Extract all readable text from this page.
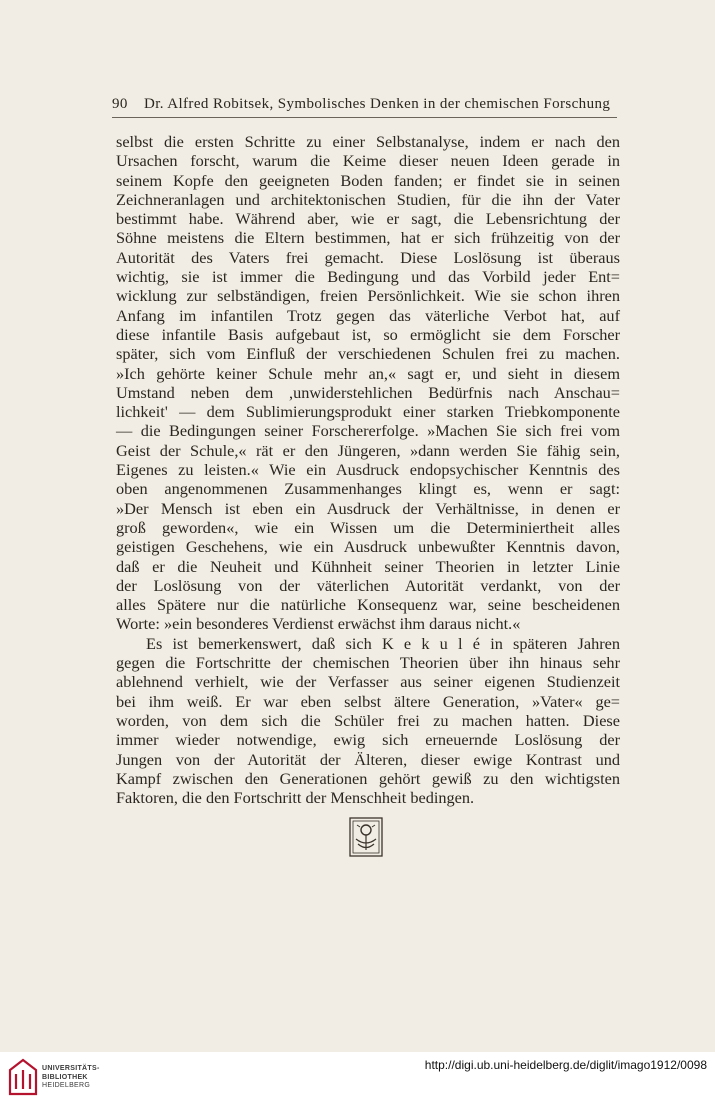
90 Dr. Alfred Robitsek, Symbolisches Denken in der chemischen Forschung
selbst die ersten Schritte zu einer Selbstanalyse, indem er nach den
Ursachen forscht, warum die Keime dieser neuen Ideen gerade in
seinem Kopfe den geeigneten Boden fanden; er findet sie in seinen
Zeichneranlagen und architektonischen Studien, für die ihn der Vater
bestimmt habe. Während aber, wie er sagt, die Lebensrichtung der
Söhne meistens die Eltern bestimmen, hat er sich frühzeitig von der
Autorität des Vaters frei gemacht. Diese Loslösung ist überaus
wichtig, sie ist immer die Bedingung und das Vorbild jeder Ent=
wicklung zur selbständigen, freien Persönlichkeit. Wie sie schon ihren
Anfang im infantilen Trotz gegen das väterliche Verbot hat, auf
diese infantile Basis aufgebaut ist, so ermöglicht sie dem Forscher
später, sich vom Einfluß der verschiedenen Schulen frei zu machen.
»Ich gehörte keiner Schule mehr an,« sagt er, und sieht in diesem
Umstand neben dem ,unwiderstehlichen Bedürfnis nach Anschau=
lichkeit' — dem Sublimierungsprodukt einer starken Triebkomponente
— die Bedingungen seiner Forschererfolge. »Machen Sie sich frei vom
Geist der Schule,« rät er den Jüngeren, »dann werden Sie fähig sein,
Eigenes zu leisten.« Wie ein Ausdruck endopsychischer Kenntnis des
oben angenommenen Zusammenhanges klingt es, wenn er sagt:
»Der Mensch ist eben ein Ausdruck der Verhältnisse, in denen er
groß geworden«, wie ein Wissen um die Determiniertheit alles
geistigen Geschehens, wie ein Ausdruck unbewußter Kenntnis davon,
daß er die Neuheit und Kühnheit seiner Theorien in letzter Linie
der Loslösung von der väterlichen Autorität verdankt, von der
alles Spätere nur die natürliche Konsequenz war, seine bescheidenen
Worte: »ein besonderes Verdienst erwächst ihm daraus nicht.«
Es ist bemerkenswert, daß sich K e k u l é in späteren Jahren
gegen die Fortschritte der chemischen Theorien über ihn hinaus sehr
ablehnend verhielt, wie der Verfasser aus seiner eigenen Studienzeit
bei ihm weiß. Er war eben selbst ältere Generation, »Vater« ge=
worden, von dem sich die Schüler frei zu machen hatten. Diese
immer wieder notwendige, ewig sich erneuernde Loslösung der
Jungen von der Autorität der Älteren, dieser ewige Kontrast und
Kampf zwischen den Generationen gehört gewiß zu den wichtigsten
Faktoren, die den Fortschritt der Menschheit bedingen.
UNIVERSITÄTS-
BIBLIOTHEK
HEIDELBERG
http://digi.ub.uni-heidelberg.de/diglit/imago1912/0098
